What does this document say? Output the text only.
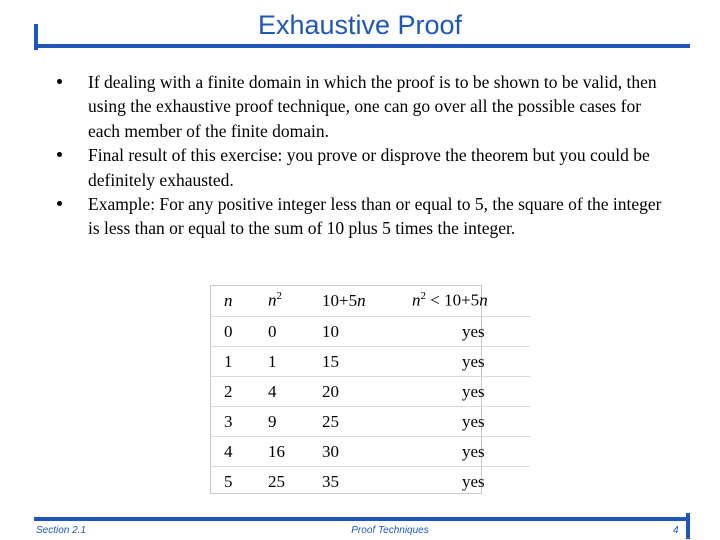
Exhaustive Proof
If dealing with a finite domain in which the proof is to be shown to be valid, then using the exhaustive proof technique, one can go over all the possible cases for each member of the finite domain.
Final result of this exercise: you prove or disprove the theorem but you could be definitely exhausted.
Example: For any positive integer less than or equal to 5, the square of the integer is less than or equal to the sum of 10 plus 5 times the integer.
n	$n^2$	10+5n	$n^2 < 10+5n$
0	0	10	yes
1	1	15	yes
2	4	20	yes
3	9	25	yes
4	16	30	yes
5	25	35	yes
Section 2.1	Proof Techniques	4
